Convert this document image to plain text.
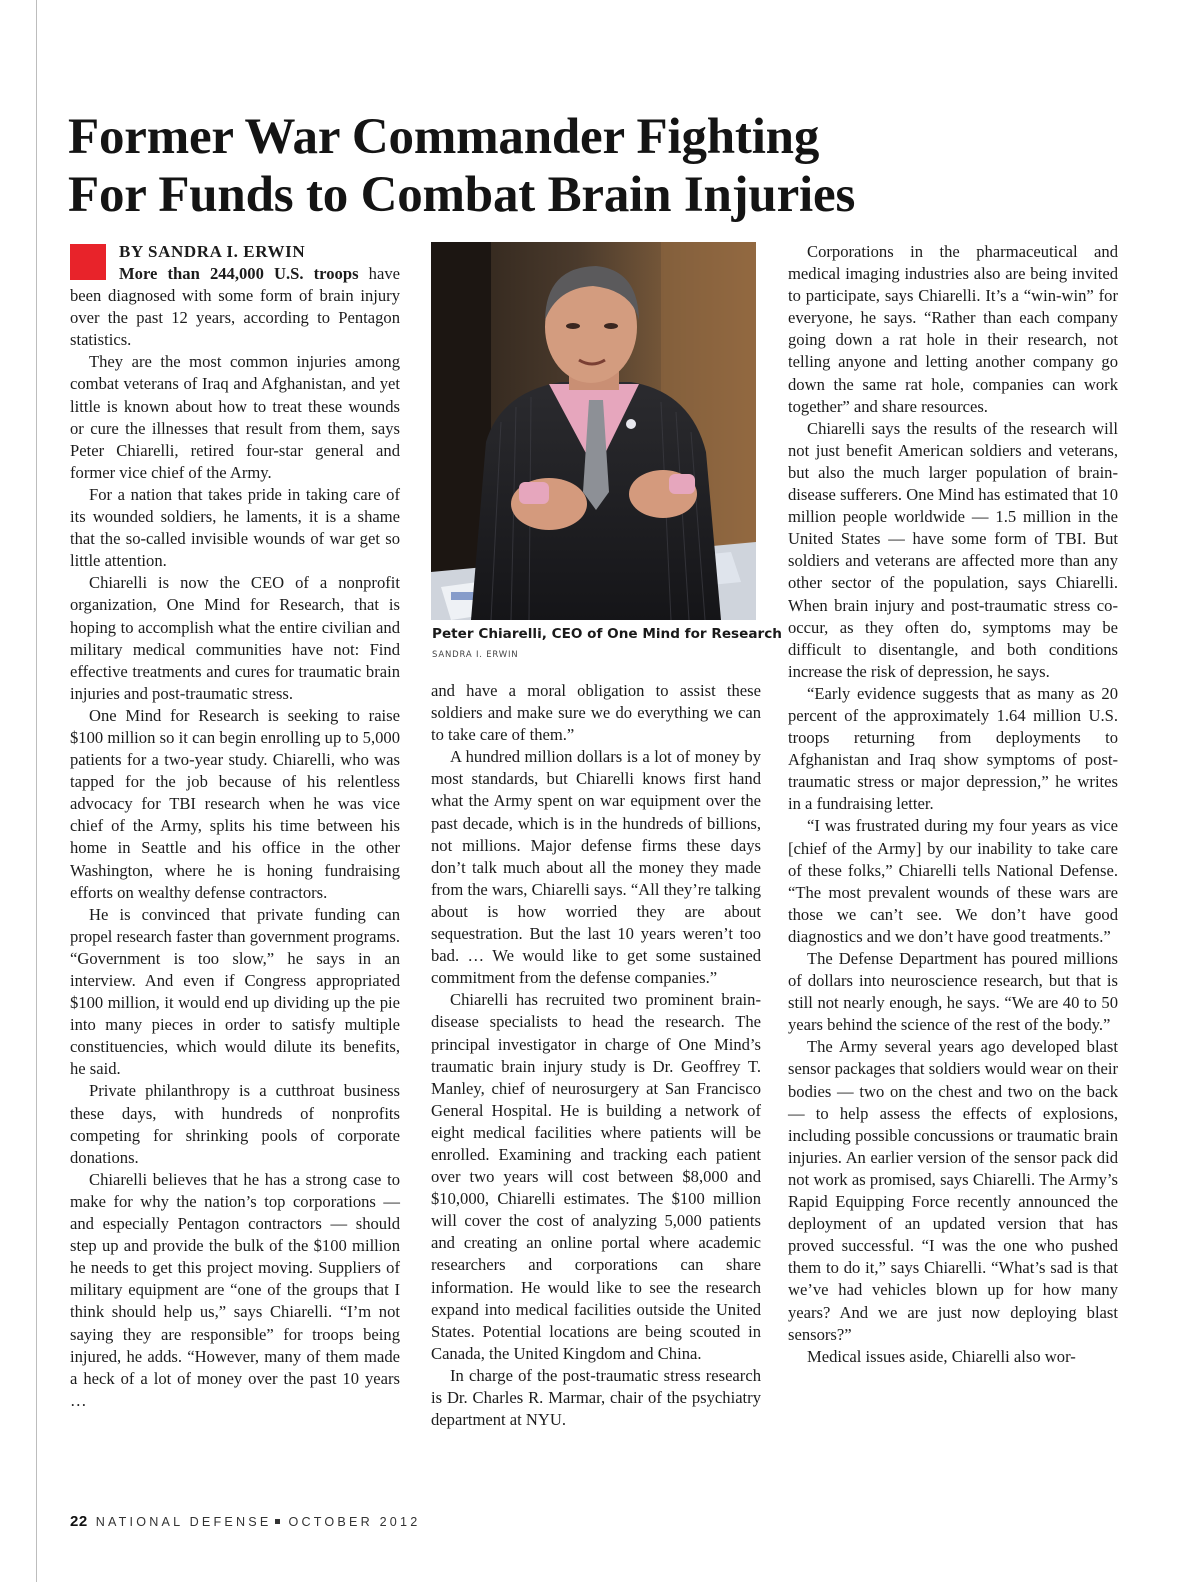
Former War Commander Fighting
For Funds to Combat Brain Injuries
BY SANDRA I. ERWIN

More than 244,000 U.S. troops have been diagnosed with some form of brain injury over the past 12 years, according to Pentagon statistics.

They are the most common injuries among combat veterans of Iraq and Afghanistan, and yet little is known about how to treat these wounds or cure the illnesses that result from them, says Peter Chiarelli, retired four-star general and former vice chief of the Army.

For a nation that takes pride in taking care of its wounded soldiers, he laments, it is a shame that the so-called invisible wounds of war get so little attention.

Chiarelli is now the CEO of a nonprofit organization, One Mind for Research, that is hoping to accomplish what the entire civilian and military medical communities have not: Find effective treatments and cures for traumatic brain injuries and post-traumatic stress.

One Mind for Research is seeking to raise $100 million so it can begin enrolling up to 5,000 patients for a two-year study. Chiarelli, who was tapped for the job because of his relentless advocacy for TBI research when he was vice chief of the Army, splits his time between his home in Seattle and his office in the other Washington, where he is honing fundraising efforts on wealthy defense contractors.

He is convinced that private funding can propel research faster than government programs. “Government is too slow,” he says in an interview. And even if Congress appropriated $100 million, it would end up dividing up the pie into many pieces in order to satisfy multiple constituencies, which would dilute its benefits, he said.

Private philanthropy is a cutthroat business these days, with hundreds of nonprofits competing for shrinking pools of corporate donations.

Chiarelli believes that he has a strong case to make for why the nation’s top corporations — and especially Pentagon contractors — should step up and provide the bulk of the $100 million he needs to get this project moving. Suppliers of military equipment are “one of the groups that I think should help us,” says Chiarelli. “I’m not saying they are responsible” for troops being injured, he adds. “However, many of them made a heck of a lot of money over the past 10 years …

Peter Chiarelli, CEO of One Mind for Research
SANDRA I. ERWIN

and have a moral obligation to assist these soldiers and make sure we do everything we can to take care of them.”

A hundred million dollars is a lot of money by most standards, but Chiarelli knows first hand what the Army spent on war equipment over the past decade, which is in the hundreds of billions, not millions. Major defense firms these days don’t talk much about all the money they made from the wars, Chiarelli says. “All they’re talking about is how worried they are about sequestration. But the last 10 years weren’t too bad. … We would like to get some sustained commitment from the defense companies.”

Chiarelli has recruited two prominent brain-disease specialists to head the research. The principal investigator in charge of One Mind’s traumatic brain injury study is Dr. Geoffrey T. Manley, chief of neurosurgery at San Francisco General Hospital. He is building a network of eight medical facilities where patients will be enrolled. Examining and tracking each patient over two years will cost between $8,000 and $10,000, Chiarelli estimates. The $100 million will cover the cost of analyzing 5,000 patients and creating an online portal where academic researchers and corporations can share information. He would like to see the research expand into medical facilities outside the United States. Potential locations are being scouted in Canada, the United Kingdom and China.

In charge of the post-traumatic stress research is Dr. Charles R. Marmar, chair of the psychiatry department at NYU.

Corporations in the pharmaceutical and medical imaging industries also are being invited to participate, says Chiarelli. It’s a “win-win” for everyone, he says. “Rather than each company going down a rat hole in their research, not telling anyone and letting another company go down the same rat hole, companies can work together” and share resources.

Chiarelli says the results of the research will not just benefit American soldiers and veterans, but also the much larger population of brain-disease sufferers. One Mind has estimated that 10 million people worldwide — 1.5 million in the United States — have some form of TBI. But soldiers and veterans are affected more than any other sector of the population, says Chiarelli. When brain injury and post-traumatic stress co-occur, as they often do, symptoms may be difficult to disentangle, and both conditions increase the risk of depression, he says.

“Early evidence suggests that as many as 20 percent of the approximately 1.64 million U.S. troops returning from deployments to Afghanistan and Iraq show symptoms of post-traumatic stress or major depression,” he writes in a fundraising letter.

“I was frustrated during my four years as vice [chief of the Army] by our inability to take care of these folks,” Chiarelli tells National Defense. “The most prevalent wounds of these wars are those we can’t see. We don’t have good diagnostics and we don’t have good treatments.”

The Defense Department has poured millions of dollars into neuroscience research, but that is still not nearly enough, he says. “We are 40 to 50 years behind the science of the rest of the body.”

The Army several years ago developed blast sensor packages that soldiers would wear on their bodies — two on the chest and two on the back — to help assess the effects of explosions, including possible concussions or traumatic brain injuries. An earlier version of the sensor pack did not work as promised, says Chiarelli. The Army’s Rapid Equipping Force recently announced the deployment of an updated version that has proved successful. “I was the one who pushed them to do it,” says Chiarelli. “What’s sad is that we’ve had vehicles blown up for how many years? And we are just now deploying blast sensors?”

Medical issues aside, Chiarelli also wor-

22 NATIONAL DEFENSE OCTOBER 2012
